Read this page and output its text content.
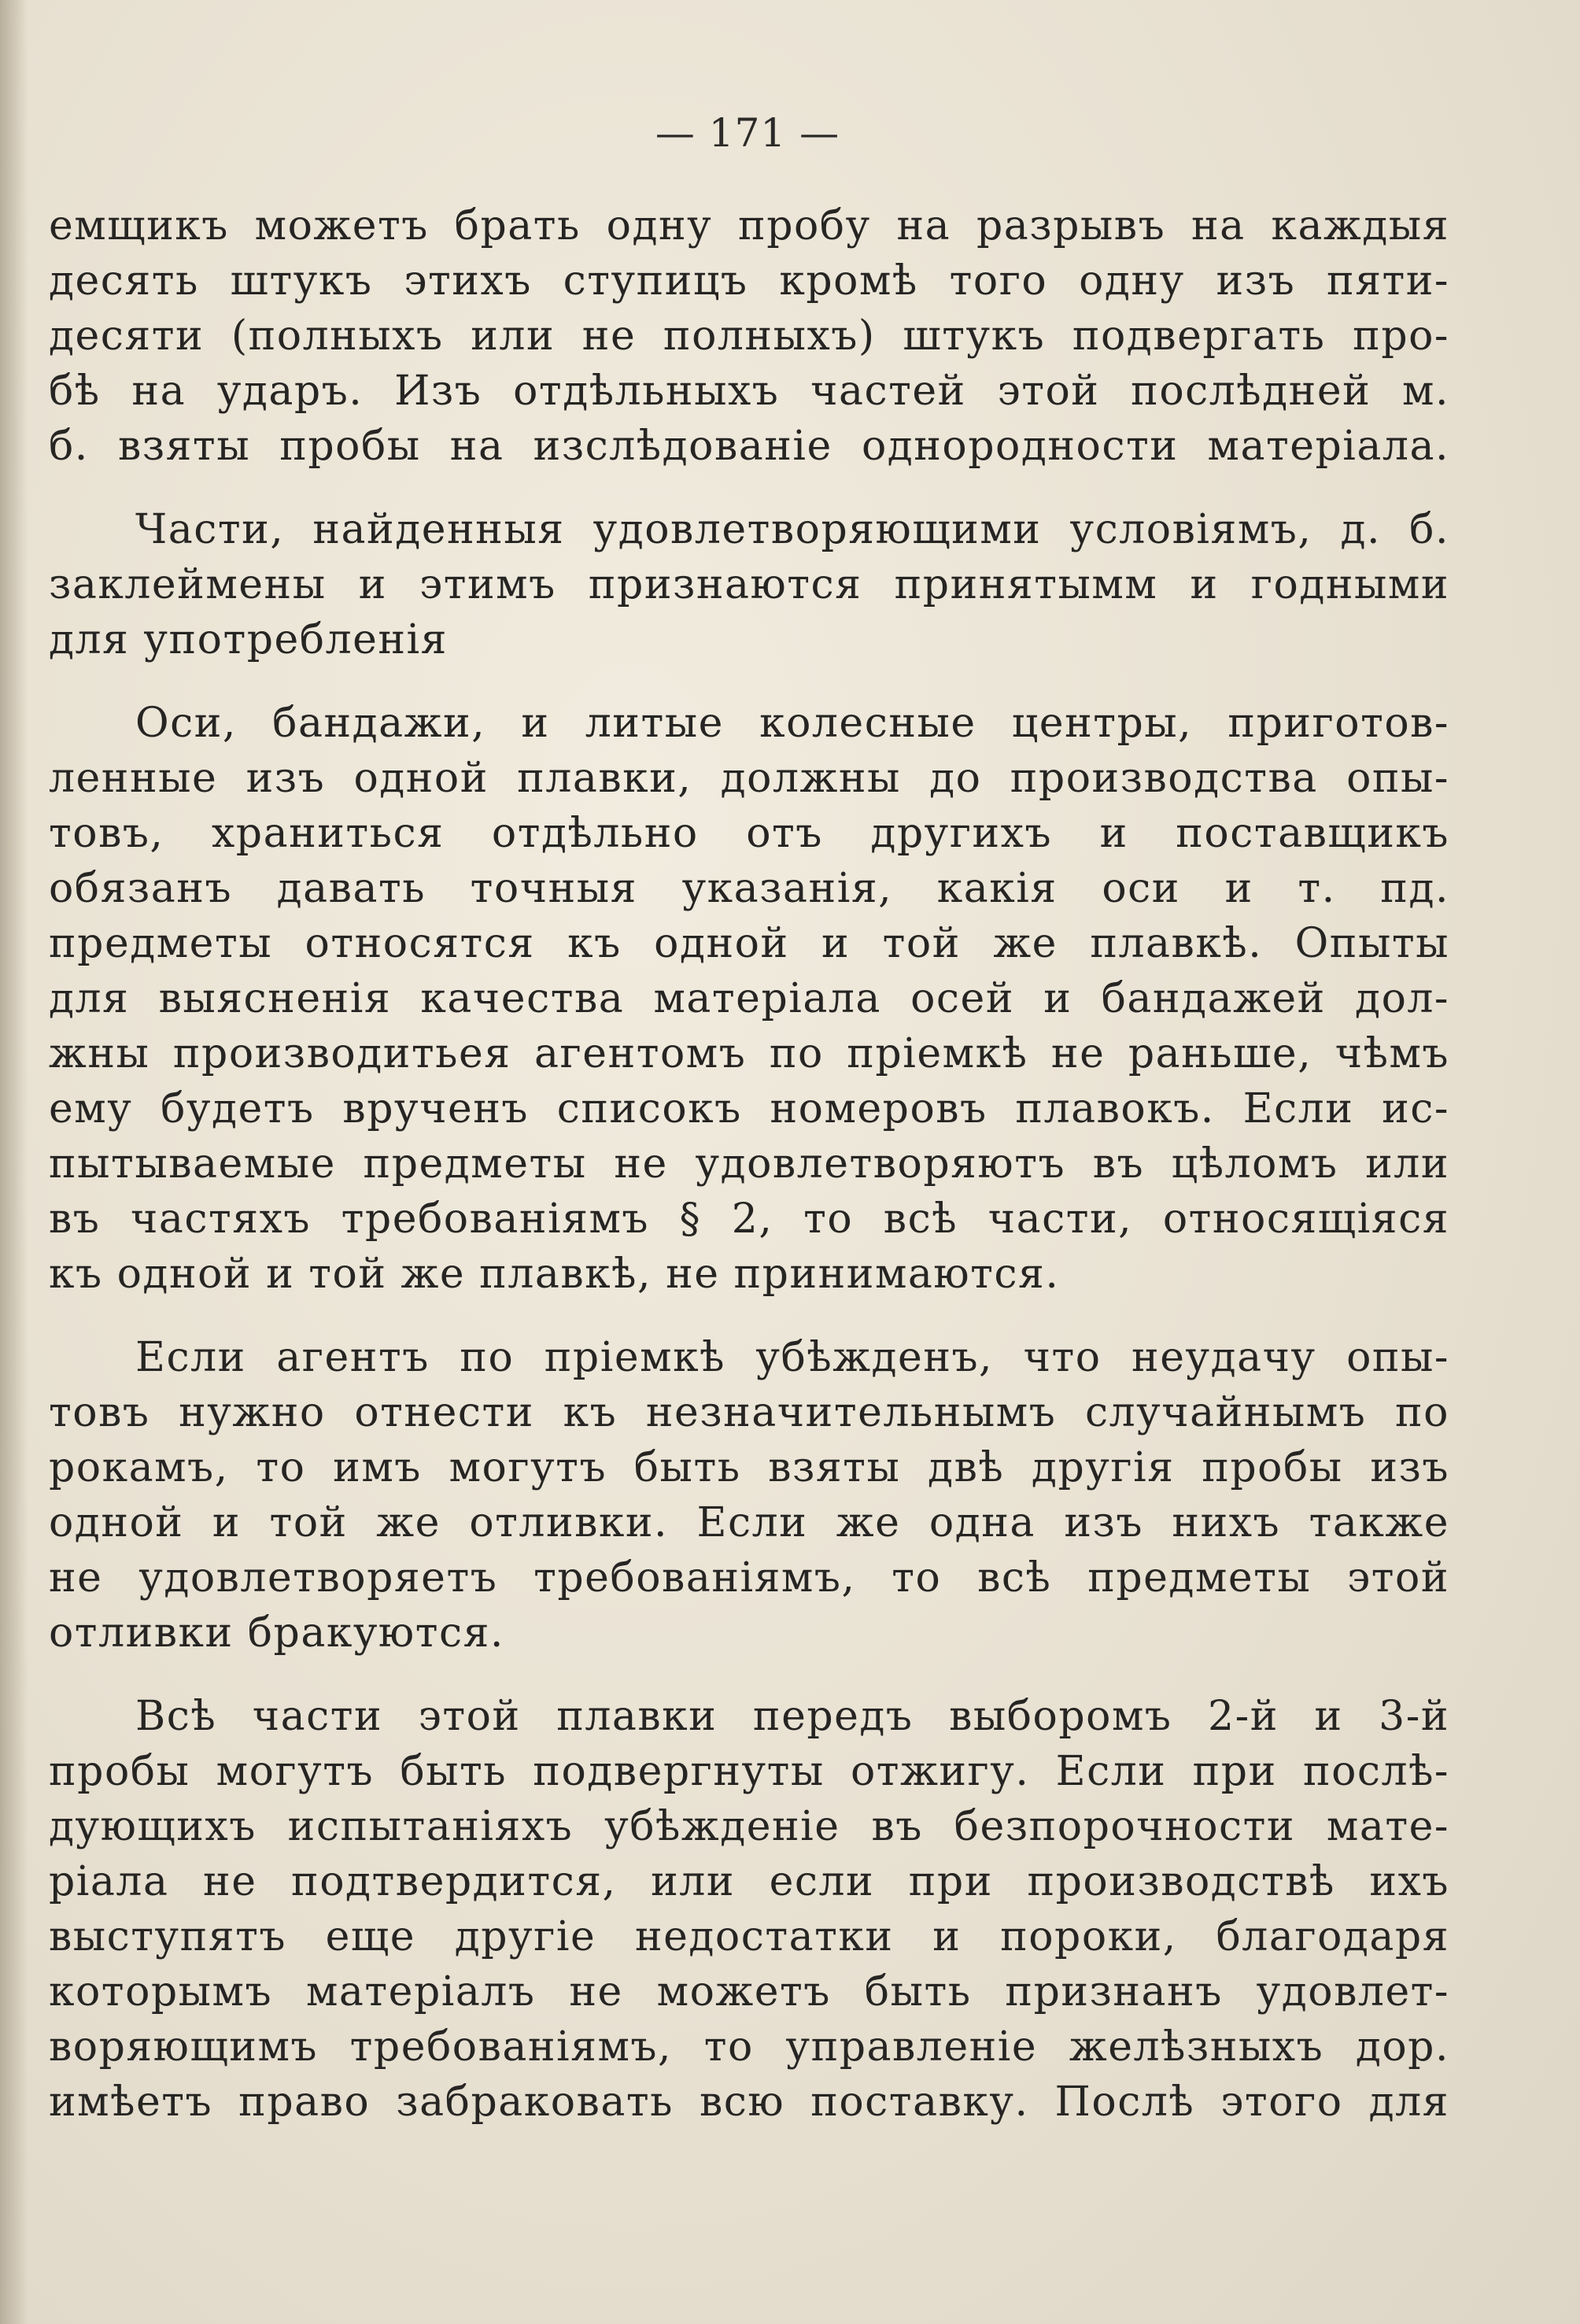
— 171 —
емщикъ можетъ брать одну пробу на разрывъ на каждыя
десять штукъ этихъ ступицъ кромѣ того одну изъ пяти-
десяти (полныхъ или не полныхъ) штукъ подвергать про-
бѣ на ударъ. Изъ отдѣльныхъ частей этой послѣдней м.
б. взяты пробы на изслѣдованіе однородности матеріала.
Части, найденныя удовлетворяющими условіямъ, д. б.
заклеймены и этимъ признаются принятымм и годными
для употребленія
Оси, бандажи, и литые колесные центры, приготов-
ленные изъ одной плавки, должны до производства опы-
товъ, храниться отдѣльно отъ другихъ и поставщикъ
обязанъ давать точныя указанія, какія оси и т. пд.
предметы относятся къ одной и той же плавкѣ. Опыты
для выясненія качества матеріала осей и бандажей дол-
жны производитьея агентомъ по пріемкѣ не раньше, чѣмъ
ему будетъ врученъ списокъ номеровъ плавокъ. Если ис-
пытываемые предметы не удовлетворяютъ въ цѣломъ или
въ частяхъ требованіямъ § 2, то всѣ части, относящіяся
къ одной и той же плавкѣ, не принимаются.
Если агентъ по пріемкѣ убѣжденъ, что неудачу опы-
товъ нужно отнести къ незначительнымъ случайнымъ по
рокамъ, то имъ могутъ быть взяты двѣ другія пробы изъ
одной и той же отливки. Если же одна изъ нихъ также
не удовлетворяетъ требованіямъ, то всѣ предметы этой
отливки бракуются.
Всѣ части этой плавки передъ выборомъ 2-й и 3-й
пробы могутъ быть подвергнуты отжигу. Если при послѣ-
дующихъ испытаніяхъ убѣжденіе въ безпорочности мате-
ріала не подтвердится, или если при производствѣ ихъ
выступятъ еще другіе недостатки и пороки, благодаря
которымъ матеріалъ не можетъ быть признанъ удовлет-
воряющимъ требованіямъ, то управленіе желѣзныхъ дор.
имѣетъ право забраковать всю поставку. Послѣ этого для
